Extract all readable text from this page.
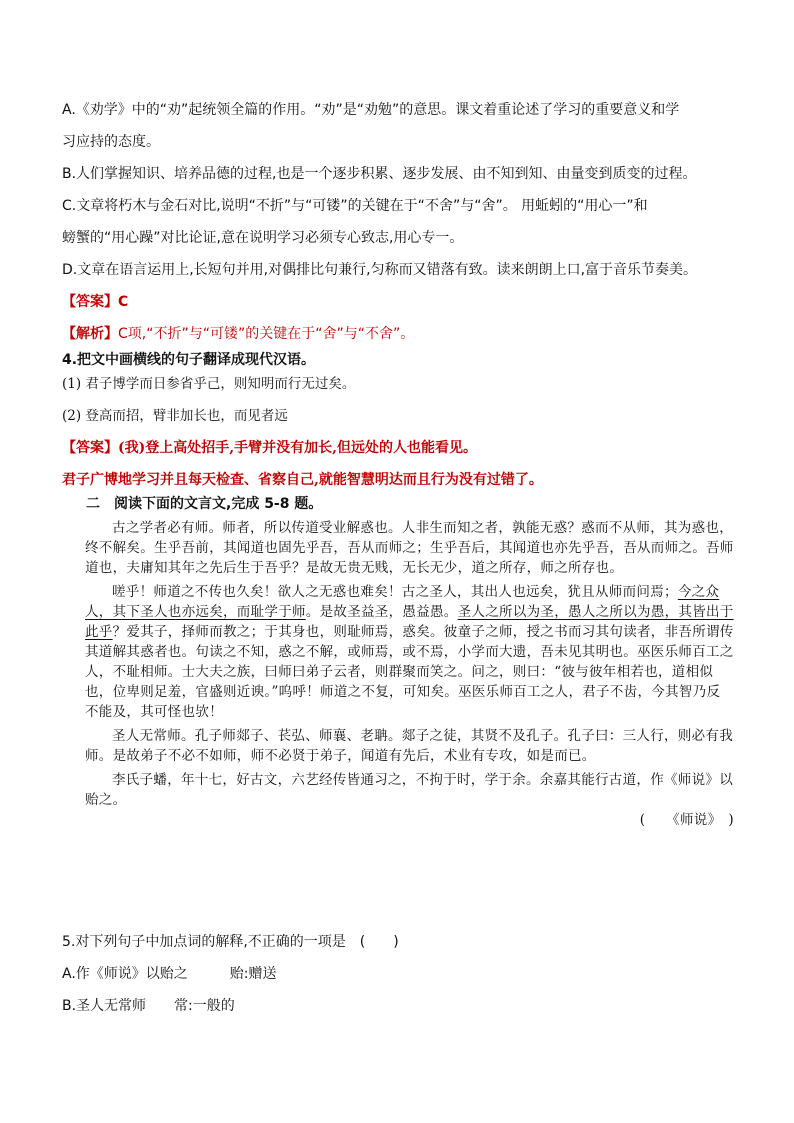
A.《劝学》中的“劝”起统领全篇的作用。“劝”是“劝勉”的意思。课文着重论述了学习的重要意义和学
习应持的态度。
B.人们掌握知识、培养品德的过程,也是一个逐步积累、逐步发展、由不知到知、由量变到质变的过程。
C.文章将朽木与金石对比,说明“不折”与“可镂”的关键在于“不舍”与“舍”。 用蚯蚓的“用心一”和
螃蟹的“用心躁”对比论证,意在说明学习必须专心致志,用心专一。
D.文章在语言运用上,长短句并用,对偶排比句兼行,匀称而又错落有致。读来朗朗上口,富于音乐节奏美。
【答案】C
【解析】C项,“不折”与“可镂”的关键在于“舍”与“不舍”。
4.把文中画横线的句子翻译成现代汉语。
(1) 君子博学而日参省乎己，则知明而行无过矣。
(2) 登高而招，臂非加长也，而见者远
【答案】(我)登上高处招手,手臂并没有加长,但远处的人也能看见。
君子广博地学习并且每天检查、省察自己,就能智慧明达而且行为没有过错了。
二　阅读下面的文言文,完成 5-8 题。

古之学者必有师。师者，所以传道受业解惑也。人非生而知之者，孰能无惑？惑而不从师，其为惑也，终不解矣。生乎吾前，其闻道也固先乎吾，吾从而师之；生乎吾后，其闻道也亦先乎吾，吾从而师之。吾师道也，夫庸知其年之先后生于吾乎？是故无贵无贱，无长无少，道之所存，师之所存也。

嗟乎！师道之不传也久矣！欲人之无惑也难矣！古之圣人，其出人也远矣，犹且从师而问焉；今之众人，其下圣人也亦远矣，而耻学于师。是故圣益圣，愚益愚。圣人之所以为圣，愚人之所以为愚，其皆出于此乎？爱其子，择师而教之；于其身也，则耻师焉，惑矣。彼童子之师，授之书而习其句读者，非吾所谓传其道解其惑者也。句读之不知，惑之不解，或师焉，或不焉，小学而大遗，吾未见其明也。巫医乐师百工之人，不耻相师。士大夫之族，曰师曰弟子云者，则群聚而笑之。问之，则曰：“彼与彼年相若也，道相似也，位卑则足羞，官盛则近谀。”呜呼！师道之不复，可知矣。巫医乐师百工之人，君子不齿，今其智乃反不能及，其可怪也欤！

圣人无常师。孔子师郯子、苌弘、师襄、老聃。郯子之徒，其贤不及孔子。孔子曰：三人行，则必有我师。是故弟子不必不如师，师不必贤于弟子，闻道有先后，术业有专攻，如是而已。

李氏子蟠，年十七，好古文，六艺经传皆通习之，不拘于时，学于余。余嘉其能行古道，作《师说》以贻之。

(　　《师说》　)

5.对下列句子中加点词的解释,不正确的一项是　(　　)
A.作《师说》以贻之　　　贻:赠送
B.圣人无常师　　常:一般的
